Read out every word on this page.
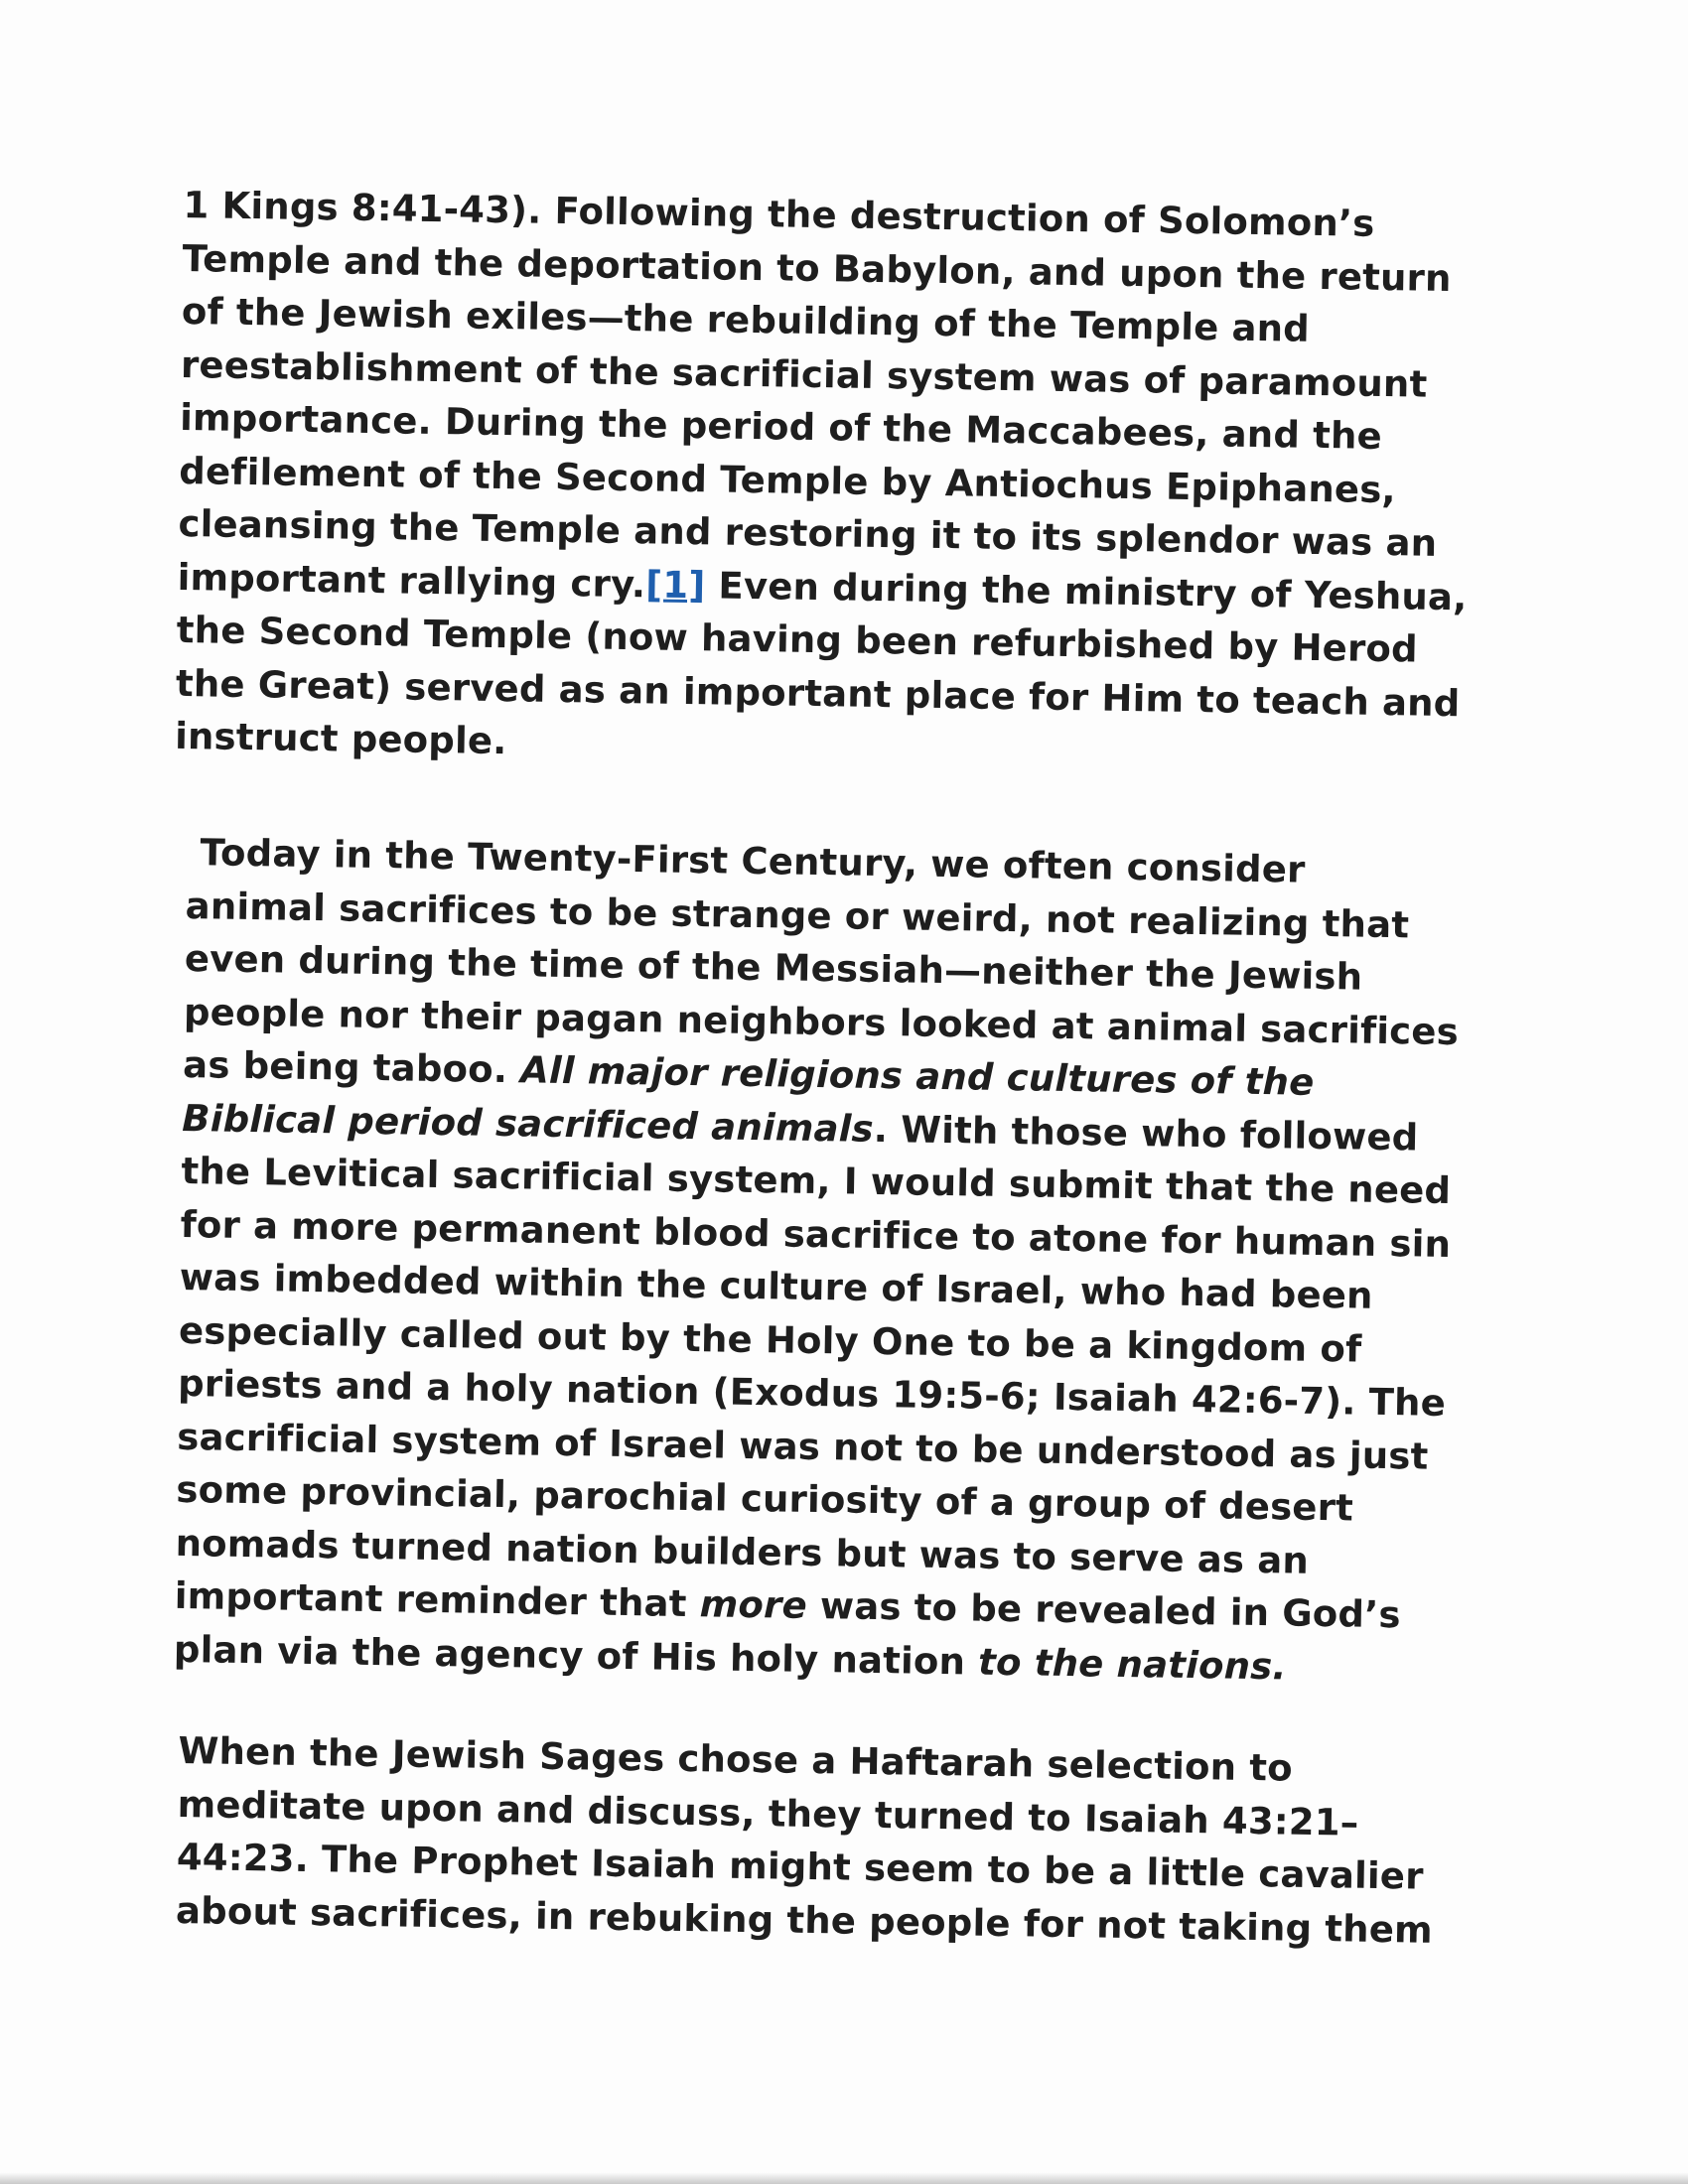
1 Kings 8:41-43). Following the destruction of Solomon’s
Temple and the deportation to Babylon, and upon the return
of the Jewish exiles—the rebuilding of the Temple and
reestablishment of the sacrificial system was of paramount
importance. During the period of the Maccabees, and the
defilement of the Second Temple by Antiochus Epiphanes,
cleansing the Temple and restoring it to its splendor was an
important rallying cry.[1] Even during the ministry of Yeshua,
the Second Temple (now having been refurbished by Herod
the Great) served as an important place for Him to teach and
instruct people.
Today in the Twenty-First Century, we often consider
animal sacrifices to be strange or weird, not realizing that
even during the time of the Messiah—neither the Jewish
people nor their pagan neighbors looked at animal sacrifices
as being taboo. All major religions and cultures of the
Biblical period sacrificed animals. With those who followed
the Levitical sacrificial system, I would submit that the need
for a more permanent blood sacrifice to atone for human sin
was imbedded within the culture of Israel, who had been
especially called out by the Holy One to be a kingdom of
priests and a holy nation (Exodus 19:5-6; Isaiah 42:6-7). The
sacrificial system of Israel was not to be understood as just
some provincial, parochial curiosity of a group of desert
nomads turned nation builders but was to serve as an
important reminder that more was to be revealed in God’s
plan via the agency of His holy nation to the nations.
When the Jewish Sages chose a Haftarah selection to
meditate upon and discuss, they turned to Isaiah 43:21–
44:23. The Prophet Isaiah might seem to be a little cavalier
about sacrifices, in rebuking the people for not taking them
